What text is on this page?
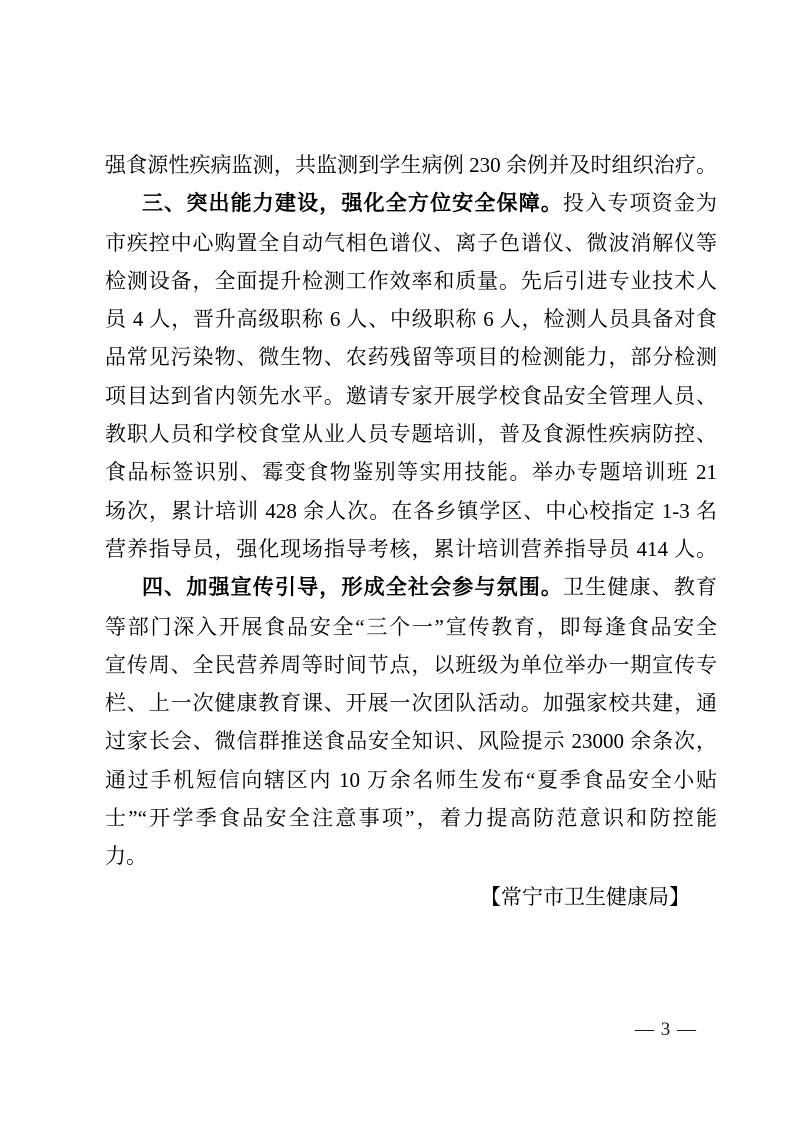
强食源性疾病监测，共监测到学生病例 230 余例并及时组织治疗。
三、突出能力建设，强化全方位安全保障。投入专项资金为
市疾控中心购置全自动气相色谱仪、离子色谱仪、微波消解仪等
检测设备，全面提升检测工作效率和质量。先后引进专业技术人
员 4 人，晋升高级职称 6 人、中级职称 6 人，检测人员具备对食
品常见污染物、微生物、农药残留等项目的检测能力，部分检测
项目达到省内领先水平。邀请专家开展学校食品安全管理人员、
教职人员和学校食堂从业人员专题培训，普及食源性疾病防控、
食品标签识别、霉变食物鉴别等实用技能。举办专题培训班 21
场次，累计培训 428 余人次。在各乡镇学区、中心校指定 1-3 名
营养指导员，强化现场指导考核，累计培训营养指导员 414 人。
四、加强宣传引导，形成全社会参与氛围。卫生健康、教育
等部门深入开展食品安全“三个一”宣传教育，即每逢食品安全
宣传周、全民营养周等时间节点，以班级为单位举办一期宣传专
栏、上一次健康教育课、开展一次团队活动。加强家校共建，通
过家长会、微信群推送食品安全知识、风险提示 23000 余条次，
通过手机短信向辖区内 10 万余名师生发布“夏季食品安全小贴
士”“开学季食品安全注意事项”，着力提高防范意识和防控能
力。
【常宁市卫生健康局】
— 3 —
